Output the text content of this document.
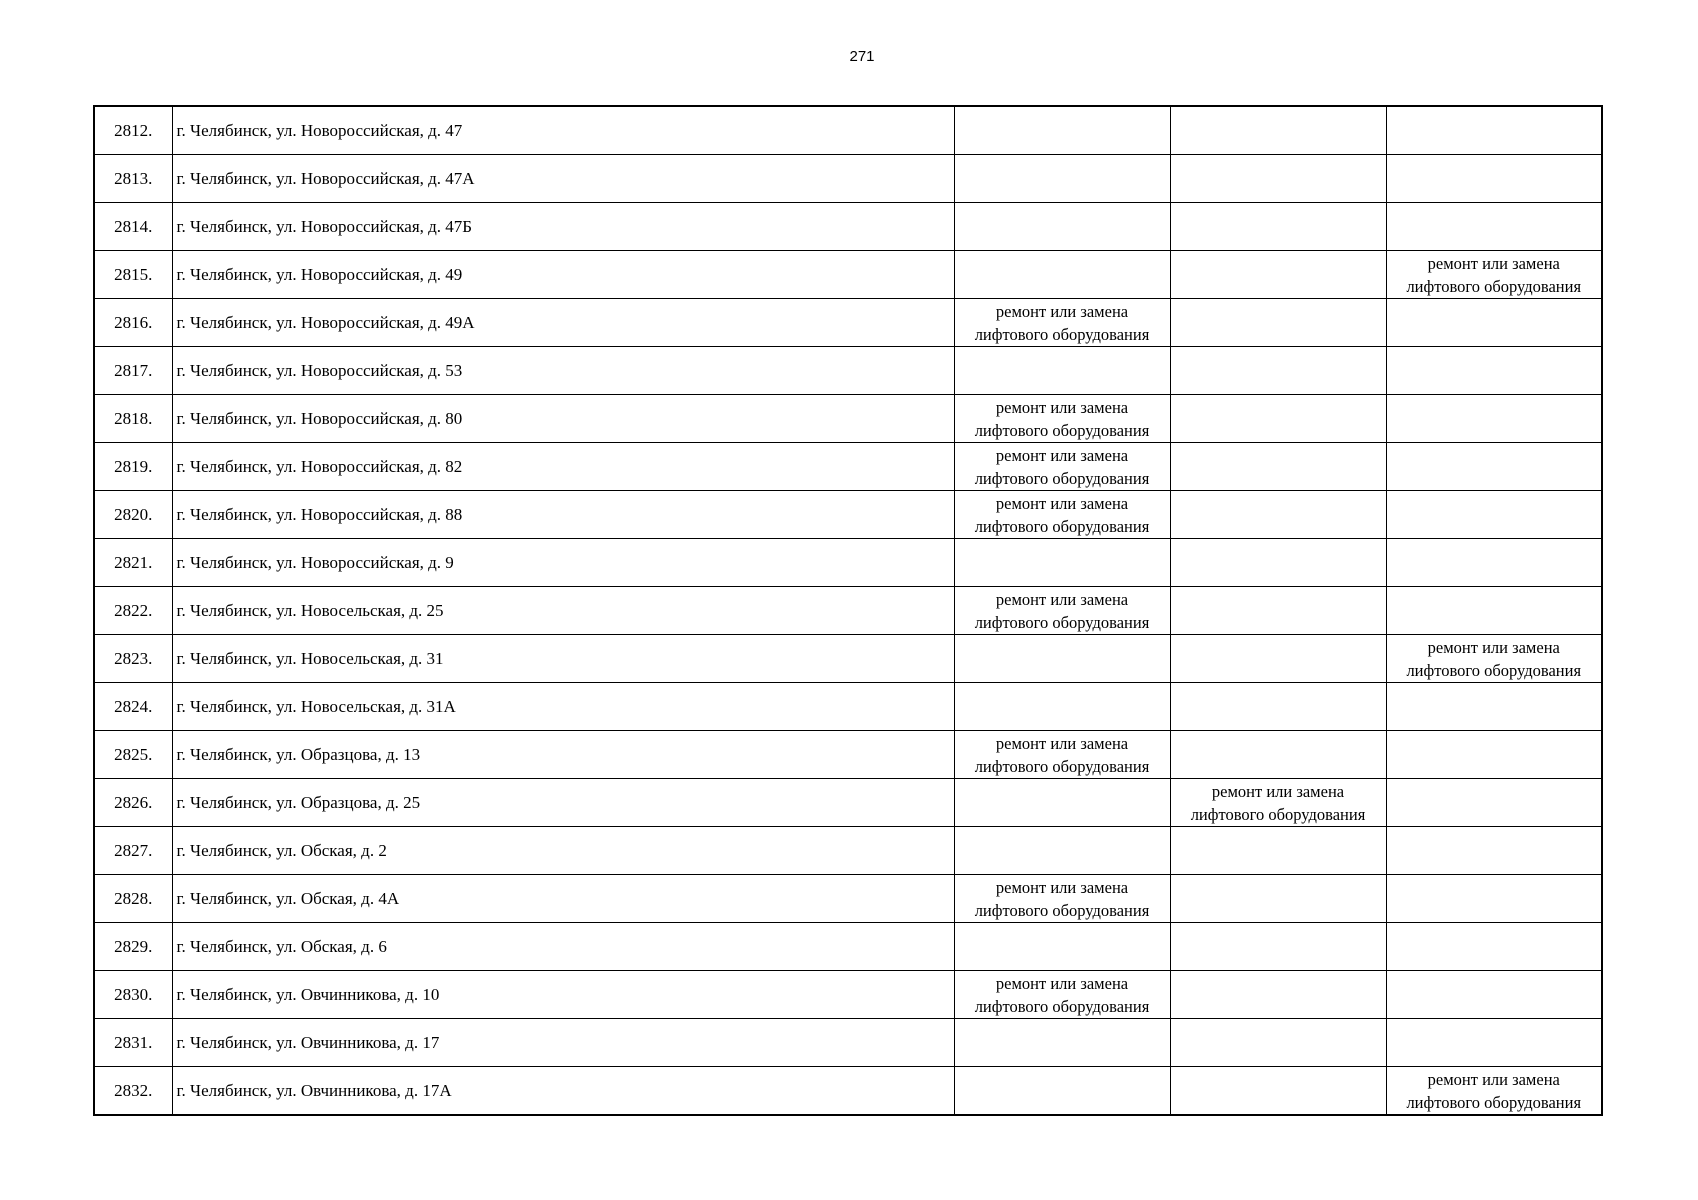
271
2812.	г. Челябинск, ул. Новороссийская, д. 47	

2813.	г. Челябинск, ул. Новороссийская, д. 47А	

2814.	г. Челябинск, ул. Новороссийская, д. 47Б	

2815.	г. Челябинск, ул. Новороссийская, д. 49			ремонт или замена
лифтового оборудования

2816.	г. Челябинск, ул. Новороссийская, д. 49А	ремонт или замена
лифтового оборудования		

2817.	г. Челябинск, ул. Новороссийская, д. 53	

2818.	г. Челябинск, ул. Новороссийская, д. 80	ремонт или замена
лифтового оборудования		

2819.	г. Челябинск, ул. Новороссийская, д. 82	ремонт или замена
лифтового оборудования		

2820.	г. Челябинск, ул. Новороссийская, д. 88	ремонт или замена
лифтового оборудования		

2821.	г. Челябинск, ул. Новороссийская, д. 9	

2822.	г. Челябинск, ул. Новосельская, д. 25	ремонт или замена
лифтового оборудования		

2823.	г. Челябинск, ул. Новосельская, д. 31			ремонт или замена
лифтового оборудования

2824.	г. Челябинск, ул. Новосельская, д. 31А	

2825.	г. Челябинск, ул. Образцова, д. 13	ремонт или замена
лифтового оборудования		

2826.	г. Челябинск, ул. Образцова, д. 25		ремонт или замена
лифтового оборудования	

2827.	г. Челябинск, ул. Обская, д. 2	

2828.	г. Челябинск, ул. Обская, д. 4А	ремонт или замена
лифтового оборудования		

2829.	г. Челябинск, ул. Обская, д. 6	

2830.	г. Челябинск, ул. Овчинникова, д. 10	ремонт или замена
лифтового оборудования		

2831.	г. Челябинск, ул. Овчинникова, д. 17	

2832.	г. Челябинск, ул. Овчинникова, д. 17А			ремонт или замена
лифтового оборудования
